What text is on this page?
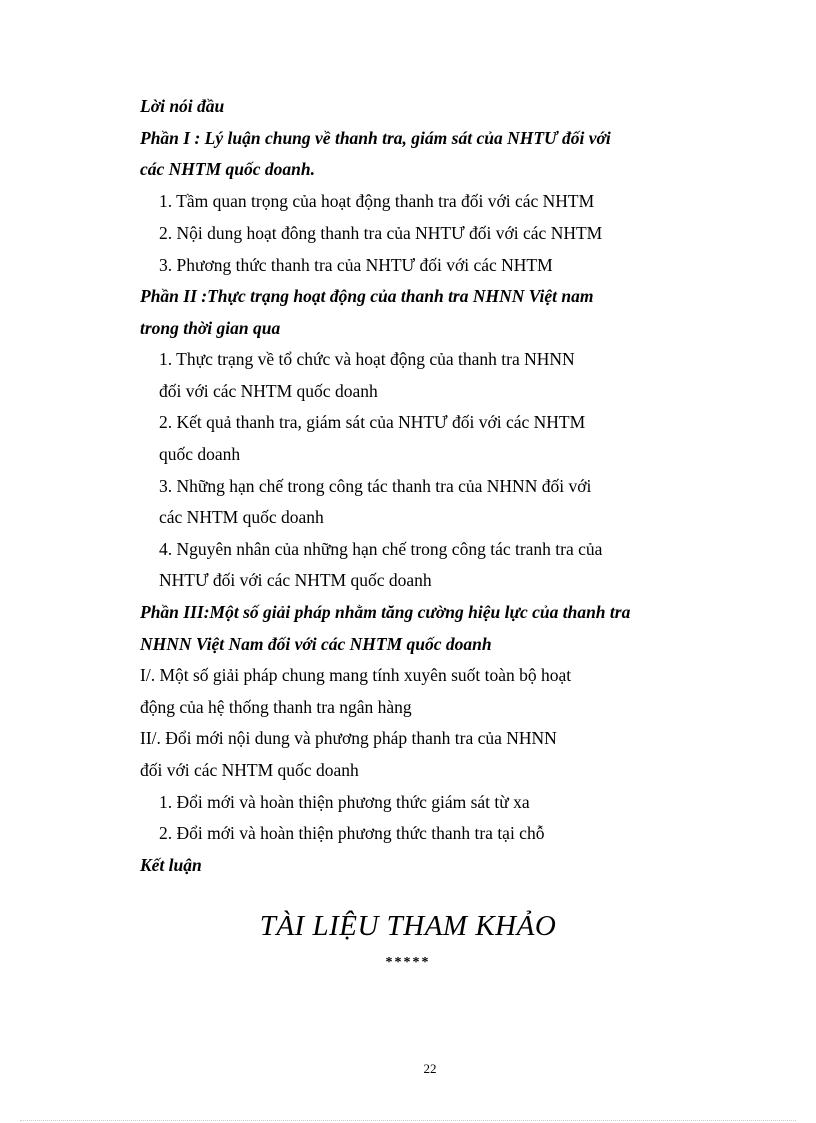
Lời nói đầu
Phần I : Lý luận chung về thanh tra, giám sát của NHTƯ đối với
các NHTM quốc doanh.
1. Tầm quan trọng của hoạt động thanh tra đối với các NHTM
2. Nội dung hoạt đông thanh tra của NHTƯ đối với các NHTM
3. Phương thức thanh tra của NHTƯ đối với các NHTM
Phần II :Thực trạng hoạt động của thanh tra NHNN Việt nam
trong thời gian qua
1. Thực trạng về tổ chức và hoạt động của thanh tra NHNN
đối với các NHTM quốc doanh
2. Kết quả thanh tra, giám sát của NHTƯ đối với các NHTM
quốc doanh
3. Những hạn chế trong công tác thanh tra của NHNN đối với
các NHTM quốc doanh
4. Nguyên nhân của những hạn chế trong công tác tranh tra của
NHTƯ đối với các NHTM quốc doanh
Phần III:Một số giải pháp nhằm tăng cường hiệu lực của thanh tra
NHNN Việt Nam đối với các NHTM quốc doanh
I/. Một số giải pháp chung mang tính xuyên suốt toàn bộ hoạt
động của hệ thống thanh tra ngân hàng
II/. Đổi mới nội dung và phương pháp thanh tra của NHNN
đối với các NHTM quốc doanh
1. Đổi mới và hoàn thiện phương thức giám sát từ xa
2. Đổi mới và hoàn thiện phương thức thanh tra tại chỗ
Kết luận
TÀI LIỆU THAM KHẢO
*****
22
